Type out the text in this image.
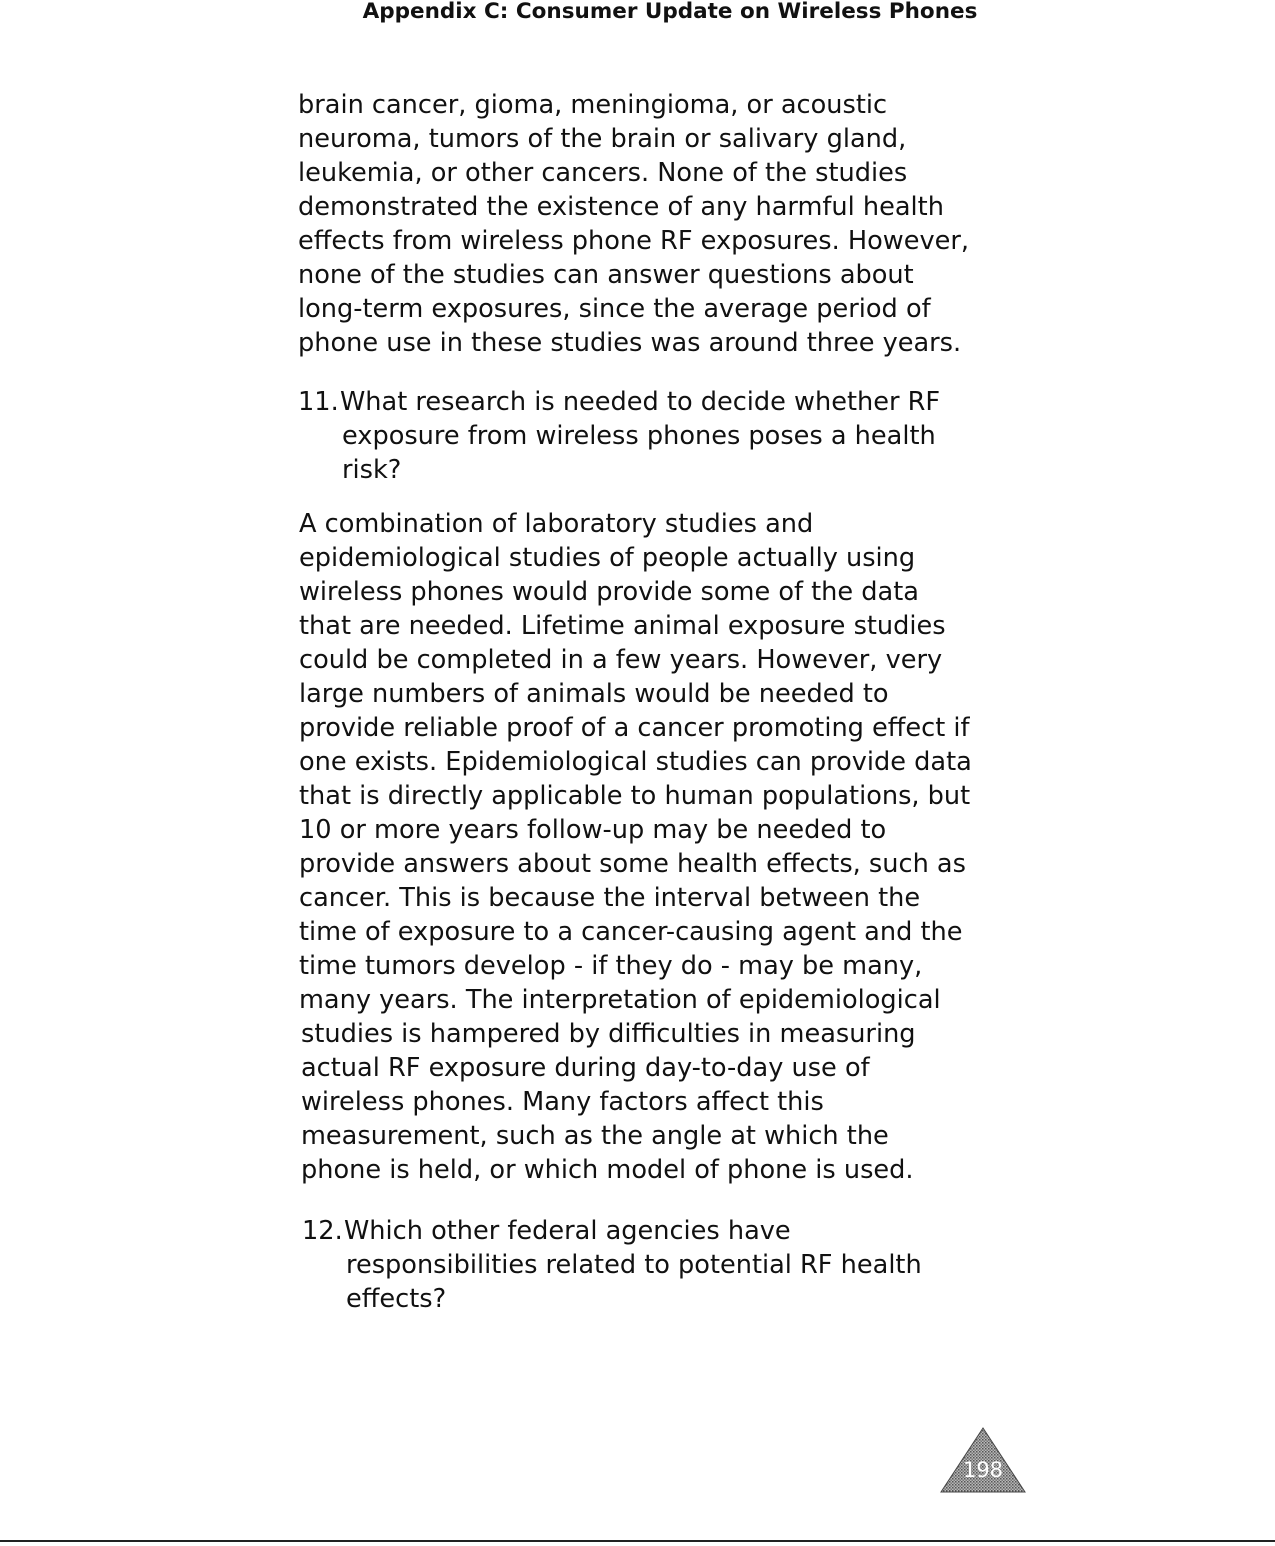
Appendix C: Consumer Update on Wireless Phones
brain cancer, gioma, meningioma, or acoustic
neuroma, tumors of the brain or salivary gland,
leukemia, or other cancers. None of the studies
demonstrated the existence of any harmful health
effects from wireless phone RF exposures. However,
none of the studies can answer questions about
long-term exposures, since the average period of
phone use in these studies was around three years.
11. What research is needed to decide whether RF
exposure from wireless phones poses a health
risk?
A combination of laboratory studies and
epidemiological studies of people actually using
wireless phones would provide some of the data
that are needed. Lifetime animal exposure studies
could be completed in a few years. However, very
large numbers of animals would be needed to
provide reliable proof of a cancer promoting effect if
one exists. Epidemiological studies can provide data
that is directly applicable to human populations, but
10 or more years follow-up may be needed to
provide answers about some health effects, such as
cancer. This is because the interval between the
time of exposure to a cancer-causing agent and the
time tumors develop - if they do - may be many,
many years. The interpretation of epidemiological
studies is hampered by difficulties in measuring
actual RF exposure during day-to-day use of
wireless phones. Many factors affect this
measurement, such as the angle at which the
phone is held, or which model of phone is used.
12. Which other federal agencies have
responsibilities related to potential RF health
effects?
198
